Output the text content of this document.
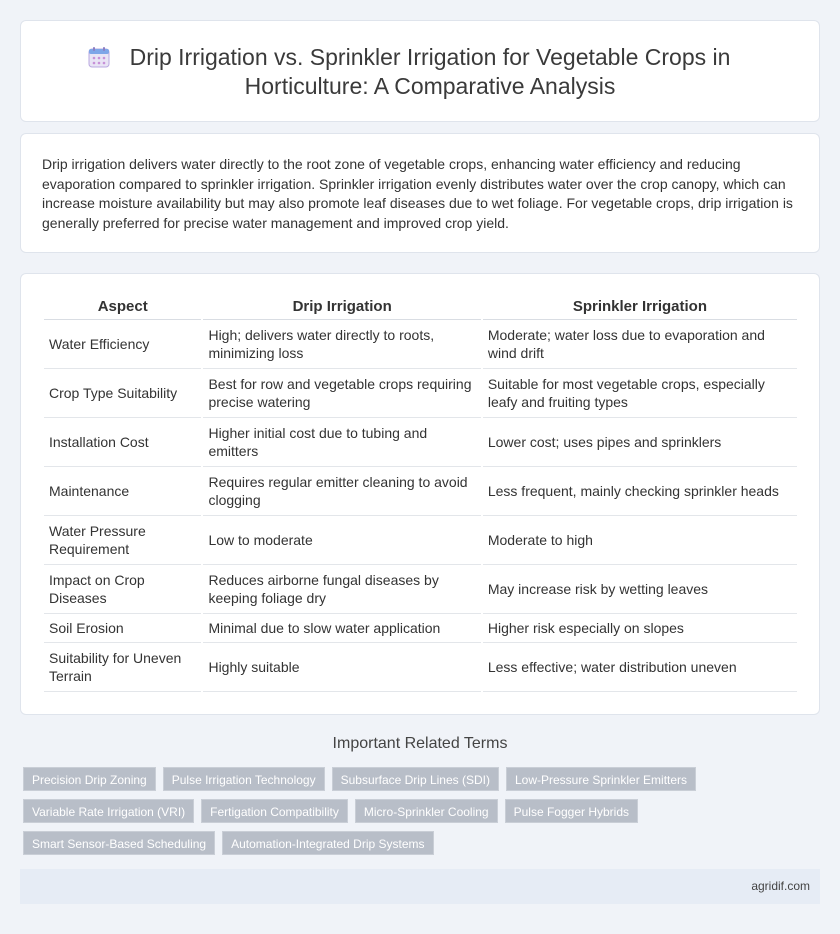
Drip Irrigation vs. Sprinkler Irrigation for Vegetable Crops in Horticulture: A Comparative Analysis

Drip irrigation delivers water directly to the root zone of vegetable crops, enhancing water efficiency and reducing evaporation compared to sprinkler irrigation. Sprinkler irrigation evenly distributes water over the crop canopy, which can increase moisture availability but may also promote leaf diseases due to wet foliage. For vegetable crops, drip irrigation is generally preferred for precise water management and improved crop yield.

Aspect	Drip Irrigation	Sprinkler Irrigation
Water Efficiency	High; delivers water directly to roots, minimizing loss	Moderate; water loss due to evaporation and wind drift
Crop Type Suitability	Best for row and vegetable crops requiring precise watering	Suitable for most vegetable crops, especially leafy and fruiting types
Installation Cost	Higher initial cost due to tubing and emitters	Lower cost; uses pipes and sprinklers
Maintenance	Requires regular emitter cleaning to avoid clogging	Less frequent, mainly checking sprinkler heads
Water Pressure Requirement	Low to moderate	Moderate to high
Impact on Crop Diseases	Reduces airborne fungal diseases by keeping foliage dry	May increase risk by wetting leaves
Soil Erosion	Minimal due to slow water application	Higher risk especially on slopes
Suitability for Uneven Terrain	Highly suitable	Less effective; water distribution uneven
Important Related Terms
Precision Drip Zoning	Pulse Irrigation Technology	Subsurface Drip Lines (SDI)	Low-Pressure Sprinkler Emitters
Variable Rate Irrigation (VRI)	Fertigation Compatibility	Micro-Sprinkler Cooling	Pulse Fogger Hybrids
Smart Sensor-Based Scheduling	Automation-Integrated Drip Systems
agridif.com
